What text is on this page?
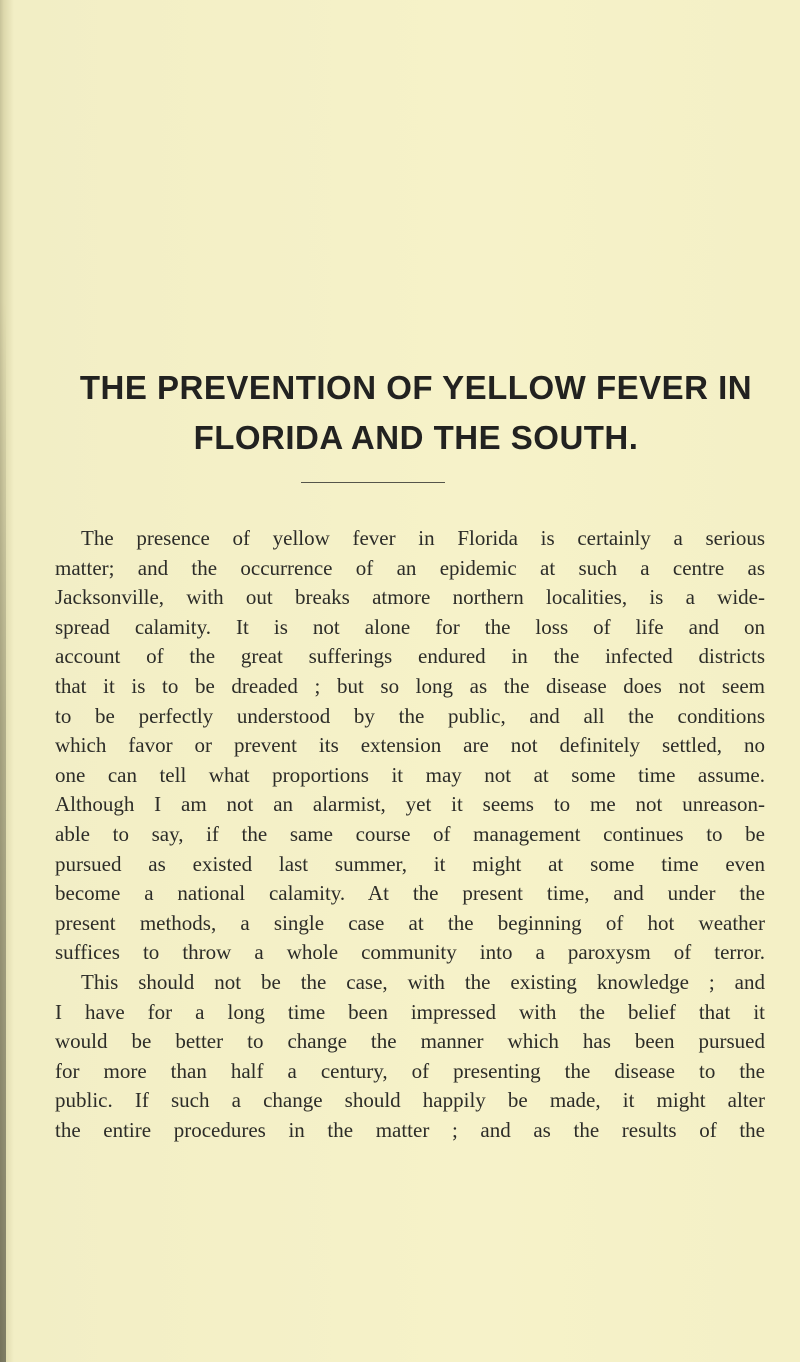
THE PREVENTION OF YELLOW FEVER IN
FLORIDA AND THE SOUTH.
The presence of yellow fever in Florida is certainly a serious
matter; and the occurrence of an epidemic at such a centre as
Jacksonville, with out breaks atmore northern localities, is a wide-
spread calamity. It is not alone for the loss of life and on
account of the great sufferings endured in the infected districts
that it is to be dreaded ; but so long as the disease does not seem
to be perfectly understood by the public, and all the conditions
which favor or prevent its extension are not definitely settled, no
one can tell what proportions it may not at some time assume.
Although I am not an alarmist, yet it seems to me not unreason-
able to say, if the same course of management continues to be
pursued as existed last summer, it might at some time even
become a national calamity. At the present time, and under the
present methods, a single case at the beginning of hot weather
suffices to throw a whole community into a paroxysm of terror.
This should not be the case, with the existing knowledge ; and
I have for a long time been impressed with the belief that it
would be better to change the manner which has been pursued
for more than half a century, of presenting the disease to the
public. If such a change should happily be made, it might alter
the entire procedures in the matter ; and as the results of the
